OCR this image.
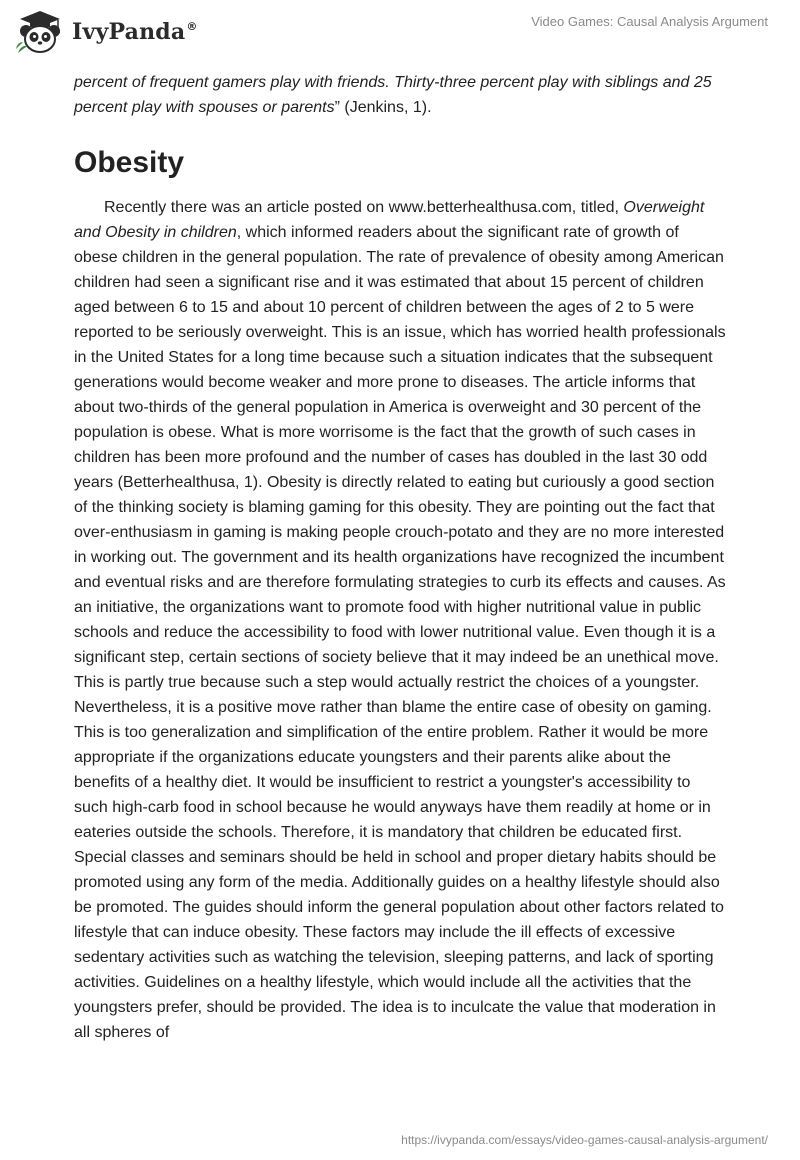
IvyPanda®	Video Games: Causal Analysis Argument

percent of frequent gamers play with friends. Thirty-three percent play with siblings and 25 percent play with spouses or parents” (Jenkins, 1).

Obesity

Recently there was an article posted on www.betterhealthusa.com, titled, Overweight and Obesity in children, which informed readers about the significant rate of growth of obese children in the general population. The rate of prevalence of obesity among American children had seen a significant rise and it was estimated that about 15 percent of children aged between 6 to 15 and about 10 percent of children between the ages of 2 to 5 were reported to be seriously overweight. This is an issue, which has worried health professionals in the United States for a long time because such a situation indicates that the subsequent generations would become weaker and more prone to diseases. The article informs that about two-thirds of the general population in America is overweight and 30 percent of the population is obese. What is more worrisome is the fact that the growth of such cases in children has been more profound and the number of cases has doubled in the last 30 odd years (Betterhealthusa, 1). Obesity is directly related to eating but curiously a good section of the thinking society is blaming gaming for this obesity. They are pointing out the fact that over-enthusiasm in gaming is making people crouch-potato and they are no more interested in working out. The government and its health organizations have recognized the incumbent and eventual risks and are therefore formulating strategies to curb its effects and causes. As an initiative, the organizations want to promote food with higher nutritional value in public schools and reduce the accessibility to food with lower nutritional value. Even though it is a significant step, certain sections of society believe that it may indeed be an unethical move. This is partly true because such a step would actually restrict the choices of a youngster. Nevertheless, it is a positive move rather than blame the entire case of obesity on gaming. This is too generalization and simplification of the entire problem. Rather it would be more appropriate if the organizations educate youngsters and their parents alike about the benefits of a healthy diet. It would be insufficient to restrict a youngster's accessibility to such high-carb food in school because he would anyways have them readily at home or in eateries outside the schools. Therefore, it is mandatory that children be educated first. Special classes and seminars should be held in school and proper dietary habits should be promoted using any form of the media. Additionally guides on a healthy lifestyle should also be promoted. The guides should inform the general population about other factors related to lifestyle that can induce obesity. These factors may include the ill effects of excessive sedentary activities such as watching the television, sleeping patterns, and lack of sporting activities. Guidelines on a healthy lifestyle, which would include all the activities that the youngsters prefer, should be provided. The idea is to inculcate the value that moderation in all spheres of

https://ivypanda.com/essays/video-games-causal-analysis-argument/
